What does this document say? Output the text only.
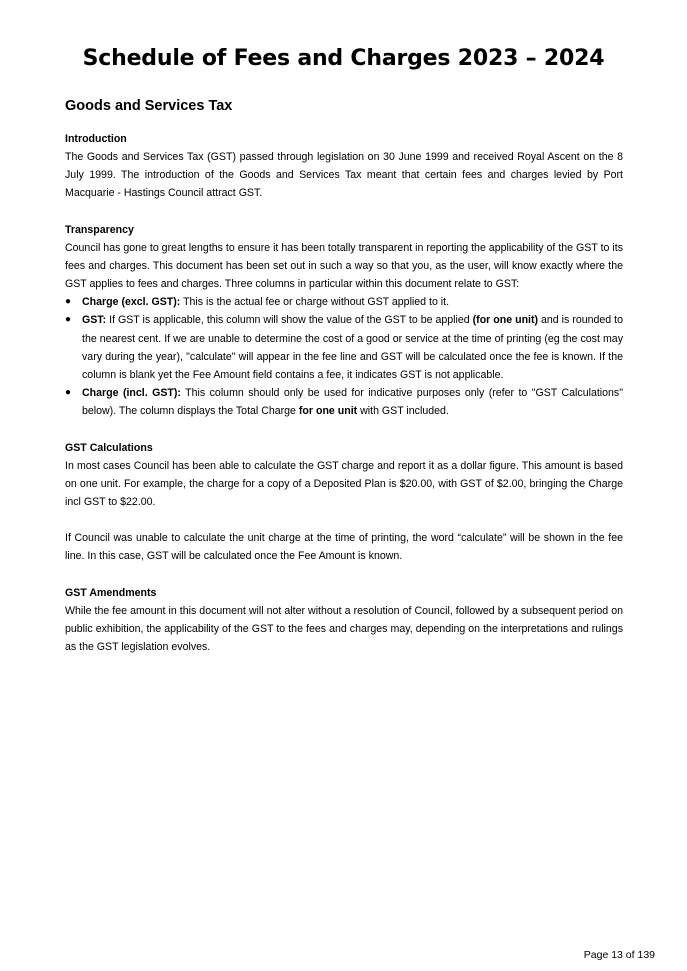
Schedule of Fees and Charges 2023 – 2024
Goods and Services Tax

Introduction

The Goods and Services Tax (GST) passed through legislation on 30 June 1999 and received Royal Ascent on the 8 July 1999. The introduction of the Goods and Services Tax meant that certain fees and charges levied by Port Macquarie - Hastings Council attract GST.

Transparency

Council has gone to great lengths to ensure it has been totally transparent in reporting the applicability of the GST to its fees and charges. This document has been set out in such a way so that you, as the user, will know exactly where the GST applies to fees and charges. Three columns in particular within this document relate to GST:

● Charge (excl. GST): This is the actual fee or charge without GST applied to it.
● GST: If GST is applicable, this column will show the value of the GST to be applied (for one unit) and is rounded to the nearest cent. If we are unable to determine the cost of a good or service at the time of printing (eg the cost may vary during the year), "calculate" will appear in the fee line and GST will be calculated once the fee is known. If the column is blank yet the Fee Amount field contains a fee, it indicates GST is not applicable.
● Charge (incl. GST): This column should only be used for indicative purposes only (refer to "GST Calculations" below). The column displays the Total Charge for one unit with GST included.

GST Calculations

In most cases Council has been able to calculate the GST charge and report it as a dollar figure. This amount is based on one unit. For example, the charge for a copy of a Deposited Plan is $20.00, with GST of $2.00, bringing the Charge incl GST to $22.00.

If Council was unable to calculate the unit charge at the time of printing, the word “calculate” will be shown in the fee line. In this case, GST will be calculated once the Fee Amount is known.

GST Amendments

While the fee amount in this document will not alter without a resolution of Council, followed by a subsequent period on public exhibition, the applicability of the GST to the fees and charges may, depending on the interpretations and rulings as the GST legislation evolves.

Page 13 of 139
